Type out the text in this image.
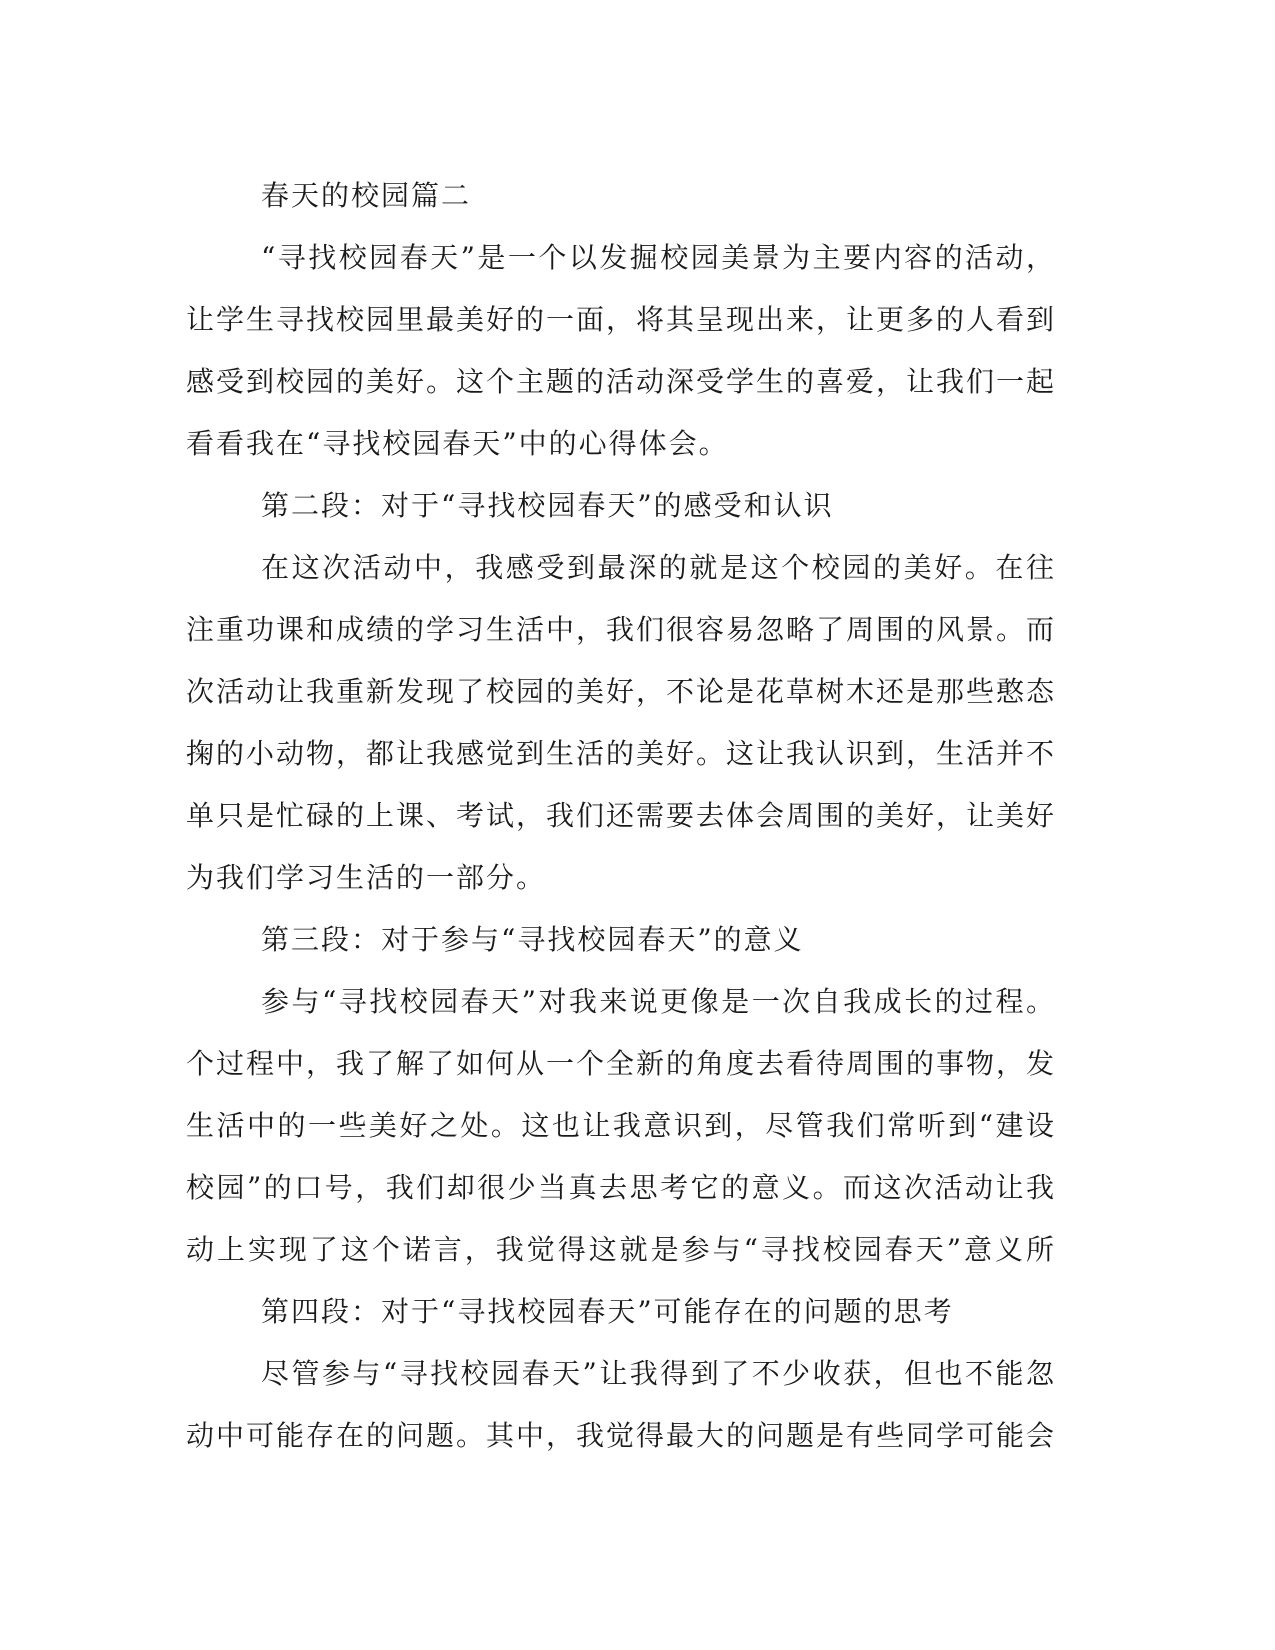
春天的校园篇二
“寻找校园春天”是一个以发掘校园美景为主要内容的活动，
让学生寻找校园里最美好的一面，将其呈现出来，让更多的人看到
感受到校园的美好。这个主题的活动深受学生的喜爱，让我们一起
看看我在“寻找校园春天”中的心得体会。
第二段：对于“寻找校园春天”的感受和认识
在这次活动中，我感受到最深的就是这个校园的美好。在往
注重功课和成绩的学习生活中，我们很容易忽略了周围的风景。而
次活动让我重新发现了校园的美好，不论是花草树木还是那些憨态
掬的小动物，都让我感觉到生活的美好。这让我认识到，生活并不
单只是忙碌的上课、考试，我们还需要去体会周围的美好，让美好
为我们学习生活的一部分。
第三段：对于参与“寻找校园春天”的意义
参与“寻找校园春天”对我来说更像是一次自我成长的过程。
个过程中，我了解了如何从一个全新的角度去看待周围的事物，发
生活中的一些美好之处。这也让我意识到，尽管我们常听到“建设
校园”的口号，我们却很少当真去思考它的意义。而这次活动让我
动上实现了这个诺言，我觉得这就是参与“寻找校园春天”意义所
第四段：对于“寻找校园春天”可能存在的问题的思考
尽管参与“寻找校园春天”让我得到了不少收获，但也不能忽
动中可能存在的问题。其中，我觉得最大的问题是有些同学可能会
